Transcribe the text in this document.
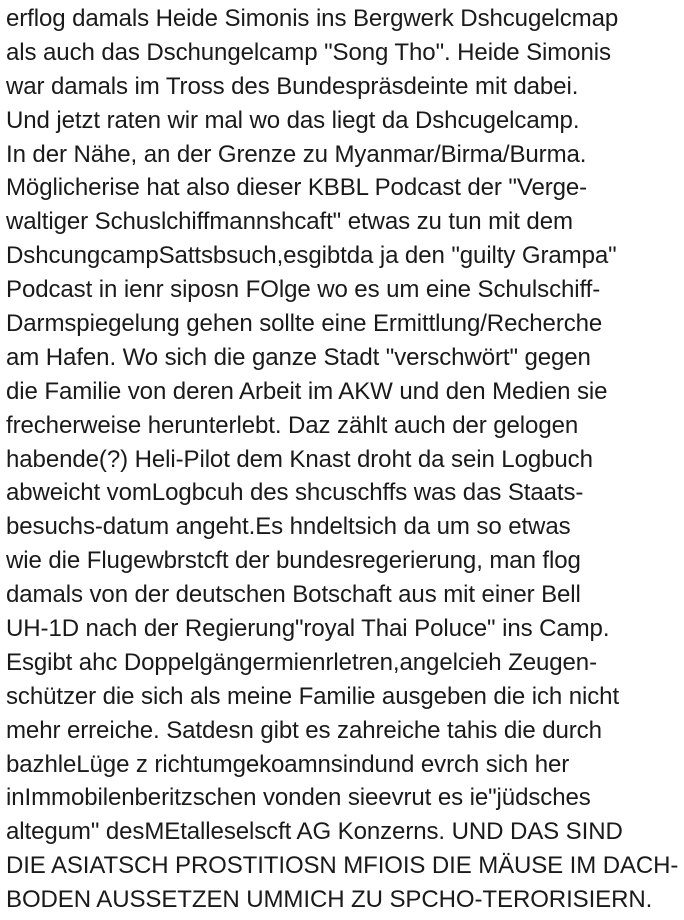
erflog damals Heide Simonis ins Bergwerk Dshcugelcmap
als auch das Dschungelcamp "Song Tho". Heide Simonis
war damals im Tross des Bundespräsdeinte mit dabei.
Und jetzt raten wir mal wo das liegt da Dshcugelcamp.
In der Nähe, an der Grenze zu Myanmar/Birma/Burma.
Möglicherise hat also dieser KBBL Podcast der "Verge-
waltiger Schuslchiffmannshcaft" etwas zu tun mit dem
DshcungcampSattsbsuch,esgibtda ja den "guilty Grampa"
Podcast in ienr siposn FOlge wo es um eine Schulschiff-
Darmspiegelung gehen sollte eine Ermittlung/Recherche
am Hafen. Wo sich die ganze Stadt "verschwört" gegen
die Familie von deren Arbeit im AKW und den Medien sie
frecherweise herunterlebt. Daz zählt auch der gelogen
habende(?) Heli-Pilot dem Knast droht da sein Logbuch
abweicht vomLogbcuh des shcuschffs was das Staats-
besuchs-datum angeht.Es hndeltsich da um so etwas
wie die Flugewbrstcft der bundesregerierung, man flog
damals von der deutschen Botschaft aus mit einer Bell
UH-1D nach der Regierung"royal Thai Poluce" ins Camp.
Esgibt ahc Doppelgängermienrletren,angelcieh Zeugen-
schützer die sich als meine Familie ausgeben die ich nicht
mehr erreiche. Satdesn gibt es zahreiche tahis die durch
bazhleLüge z richtumgekoamnsindund evrch sich her
inImmobilenberitzschen vonden sieevrut es ie"jüdsches
altegum" desMEtalleselscft AG Konzerns. UND DAS SIND
DIE ASIATSCH PROSTITIOSN MFIOIS DIE MÄUSE IM DACH-
BODEN AUSSETZEN UMMICH ZU SPCHO-TERORISIERN.
